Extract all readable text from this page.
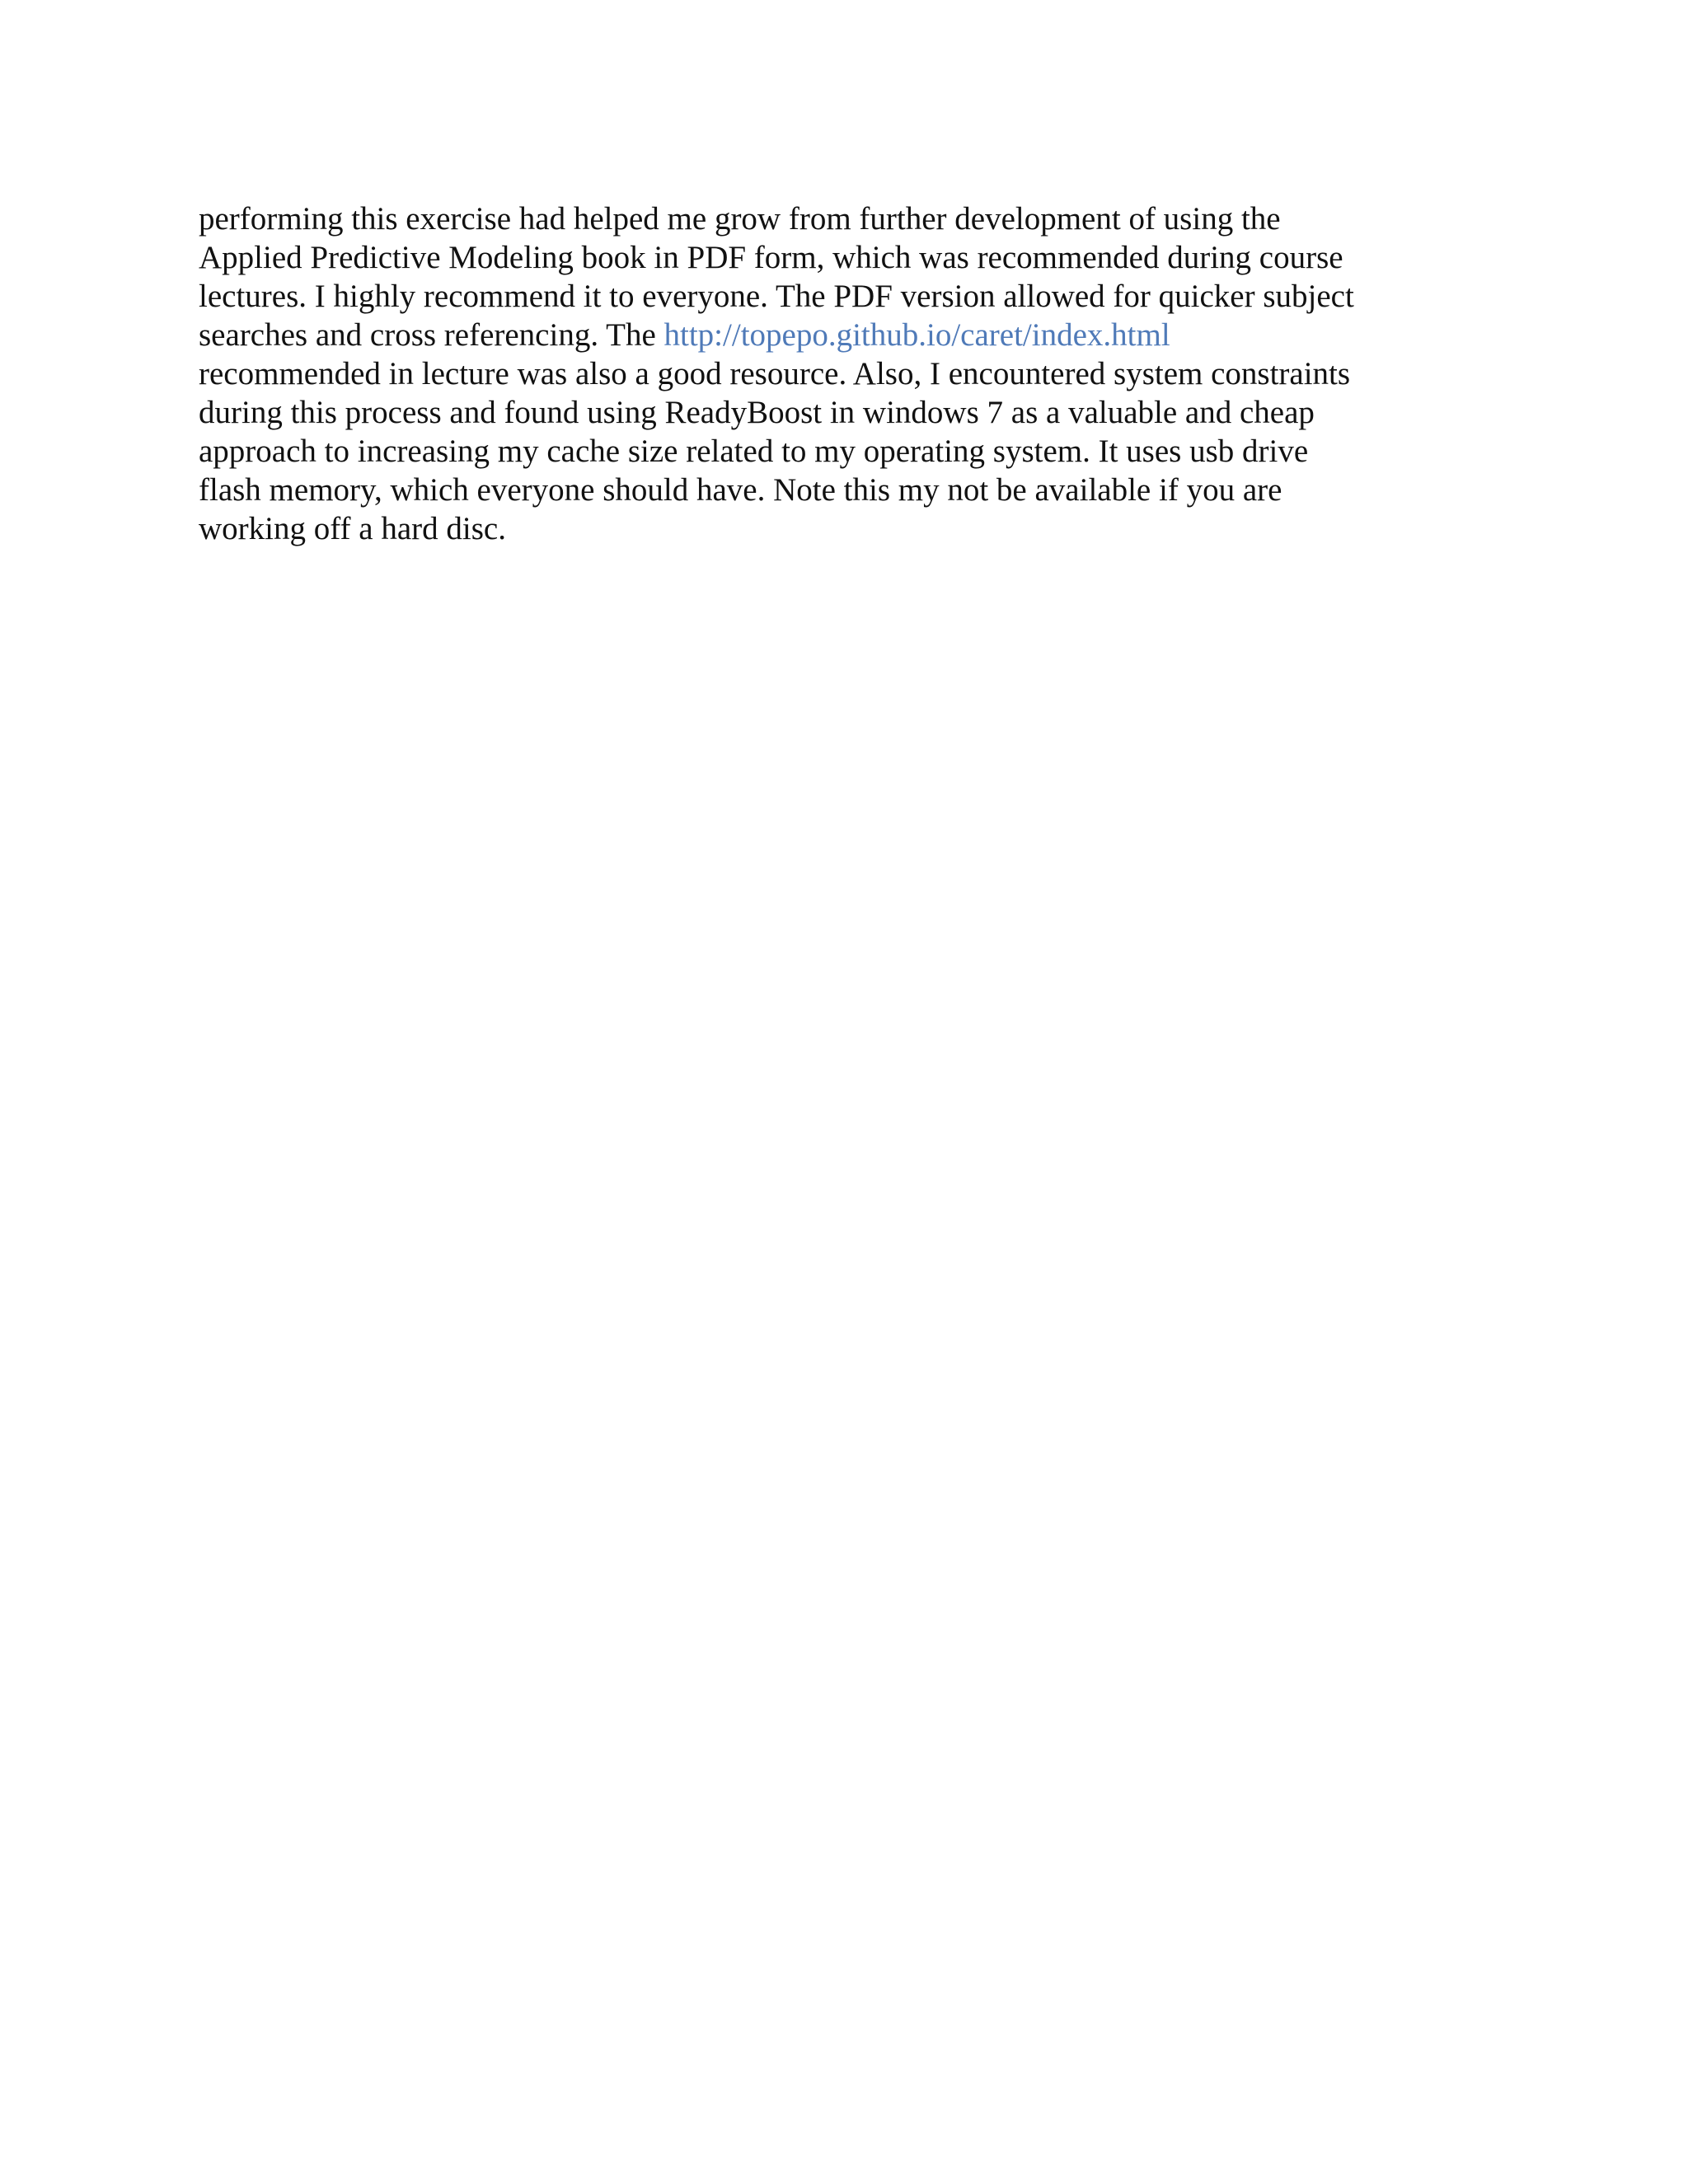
performing this exercise had helped me grow from further development of using the
Applied Predictive Modeling book in PDF form, which was recommended during course
lectures. I highly recommend it to everyone. The PDF version allowed for quicker subject
searches and cross referencing. The http://topepo.github.io/caret/index.html
recommended in lecture was also a good resource. Also, I encountered system constraints
during this process and found using ReadyBoost in windows 7 as a valuable and cheap
approach to increasing my cache size related to my operating system. It uses usb drive
flash memory, which everyone should have. Note this my not be available if you are
working off a hard disc.
